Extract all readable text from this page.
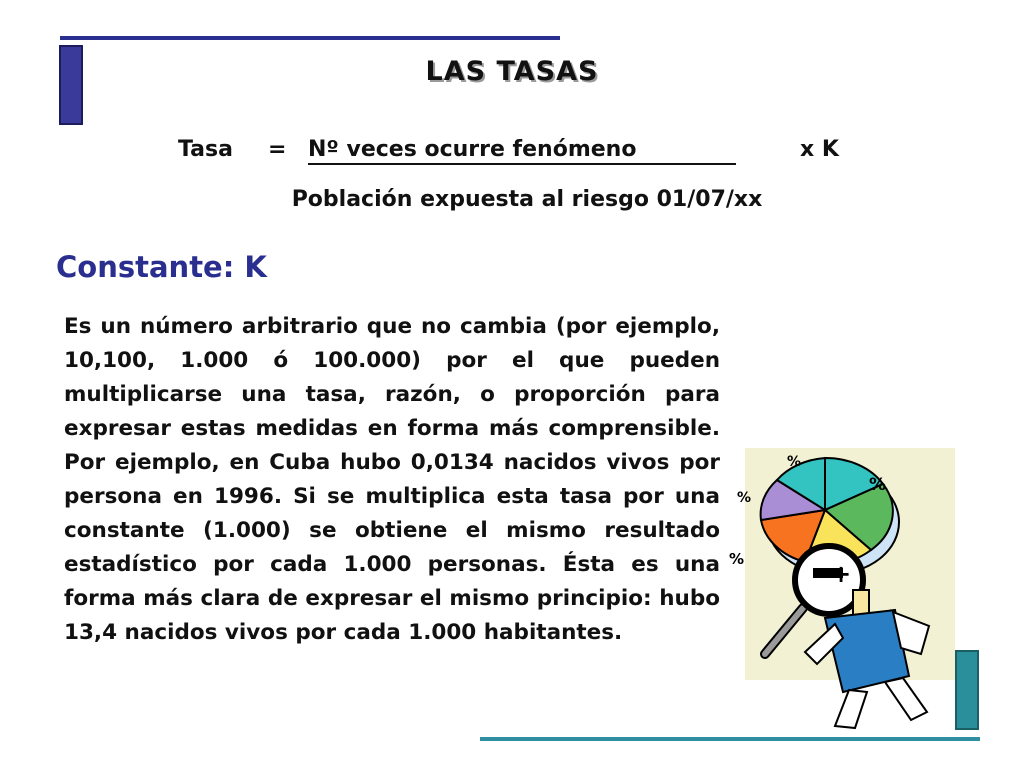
LAS TASAS
Tasa = Nº veces ocurre fenómeno	x K
Población expuesta al riesgo 01/07/xx
Constante: K
Es un número arbitrario que no cambia (por ejemplo, 10,100, 1.000 ó 100.000) por el que pueden multiplicarse una tasa, razón, o proporción para expresar estas medidas en forma más comprensible. Por ejemplo, en Cuba hubo 0,0134 nacidos vivos por persona en 1996. Si se multiplica esta tasa por una constante (1.000) se obtiene el mismo resultado estadístico por cada 1.000 personas. Ésta es una forma más clara de expresar el mismo principio: hubo 13,4 nacidos vivos por cada 1.000 habitantes.
%
%
%
%
+
